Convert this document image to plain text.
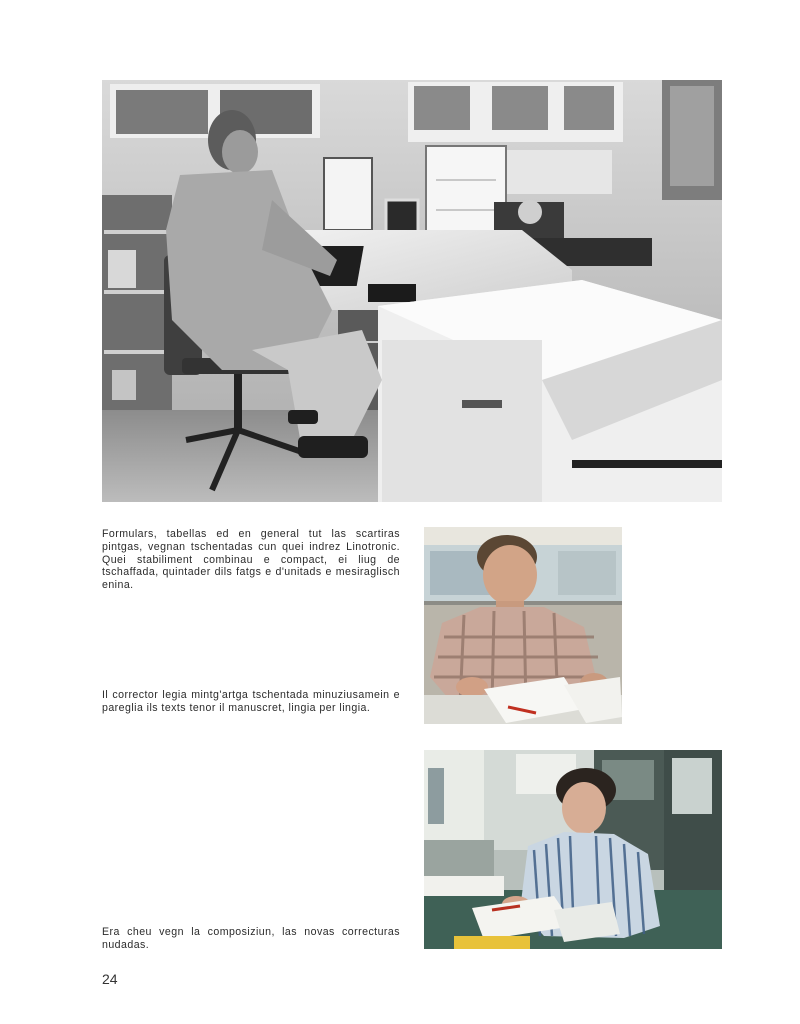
Formulars, tabellas ed en general tut las scartiras pintgas, vegnan tschentadas cun quei indrez Linotronic. Quei stabiliment combinau e compact, ei liug de tschaffada, quintader dils fatgs e d'unitads e mesiraglisch enina.
Il corrector legia mintg'artga tschentada minuziusamein e pareglia ils texts tenor il manuscret, lingia per lingia.
Era cheu vegn la composiziun, las novas correcturas nudadas.
24
